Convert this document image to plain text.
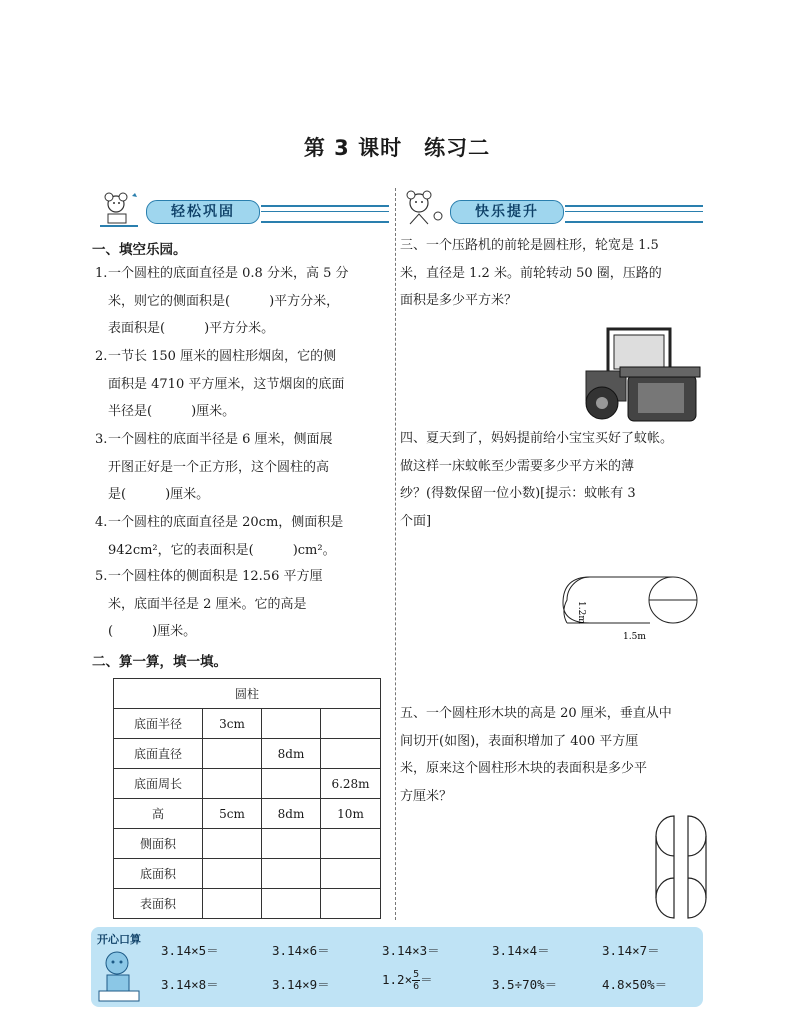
第 3 课时　练习二
轻松巩固	快乐提升
一、填空乐园。
1. 一个圆柱的底面直径是 0.8 分米，高 5 分

米，则它的侧面积是(　　　)平方分米，

表面积是(　　　)平方分米。

2. 一节长 150 厘米的圆柱形烟囱，它的侧

面积是 4710 平方厘米，这节烟囱的底面

半径是(　　　)厘米。

3. 一个圆柱的底面半径是 6 厘米，侧面展

开图正好是一个正方形，这个圆柱的高

是(　　　)厘米。

4. 一个圆柱的底面直径是 20cm，侧面积是

942cm²，它的表面积是(　　　)cm²。

5. 一个圆柱体的侧面积是 12.56 平方厘

米，底面半径是 2 厘米。它的高是

(　　　)厘米。

二、算一算，填一填。
圆柱			
底面半径	3cm		
底面直径		8dm	
底面周长			6.28m
高	5cm	8dm	10m
侧面积			
底面积			
表面积			

三、一个压路机的前轮是圆柱形，轮宽是 1.5

米，直径是 1.2 米。前轮转动 50 圈，压路的

面积是多少平方米？

四、夏天到了，妈妈提前给小宝宝买好了蚊帐。

做这样一床蚊帐至少需要多少平方米的薄

纱？(得数保留一位小数)[提示：蚊帐有 3

个面]

1.2m
1.5m

五、一个圆柱形木块的高是 20 厘米，垂直从中

间切开(如图)，表面积增加了 400 平方厘

米，原来这个圆柱形木块的表面积是多少平

方厘米？

开心口算
3.14×5＝	3.14×6＝	3.14×3＝	3.14×4＝	3.14×7＝
3.14×8＝	3.14×9＝	$1.2\times \frac{5}{6}=$	3.5÷70%＝	4.8×50%＝
